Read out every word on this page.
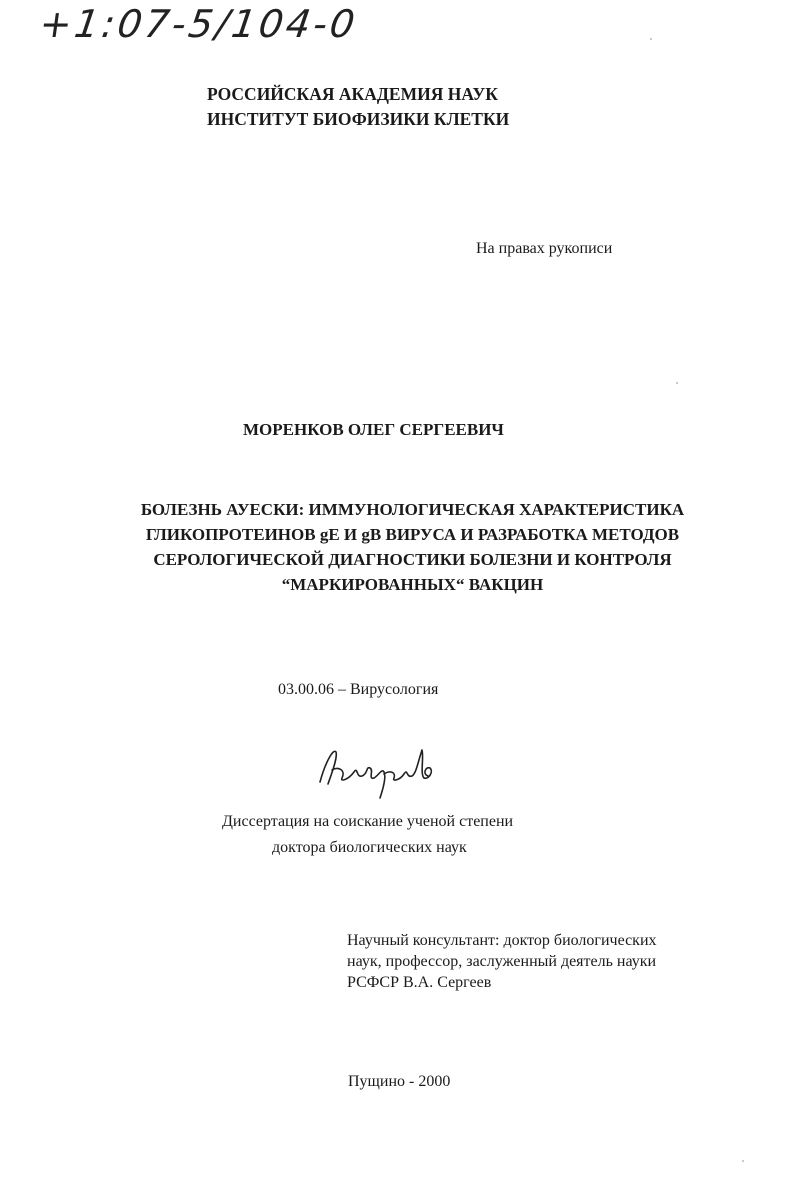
+1:07-5/104-0
РОССИЙСКАЯ АКАДЕМИЯ НАУК
ИНСТИТУТ БИОФИЗИКИ КЛЕТКИ
На правах рукописи
МОРЕНКОВ ОЛЕГ СЕРГЕЕВИЧ
БОЛЕЗНЬ АУЕСКИ: ИММУНОЛОГИЧЕСКАЯ ХАРАКТЕРИСТИКА
ГЛИКОПРОТЕИНОВ gE И gB ВИРУСА И РАЗРАБОТКА МЕТОДОВ
СЕРОЛОГИЧЕСКОЙ ДИАГНОСТИКИ БОЛЕЗНИ И КОНТРОЛЯ
“МАРКИРОВАННЫХ“ ВАКЦИН
03.00.06 – Вирусология
Диссертация на соискание ученой степени
доктора биологических наук
Научный консультант: доктор биологических
наук, профессор, заслуженный деятель науки
РСФСР В.А. Сергеев
Пущино - 2000
